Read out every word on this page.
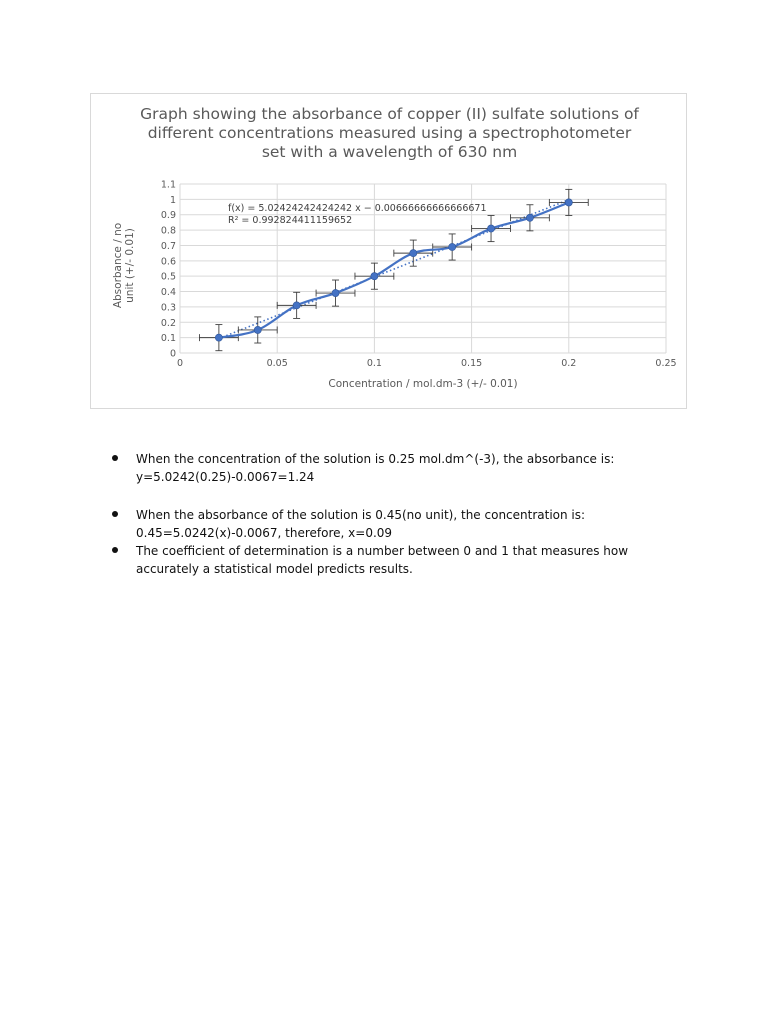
Graph showing the absorbance of copper (II) sulfate solutions of
different concentrations measured using a spectrophotometer
set with a wavelength of 630 nm
0
0.1
0.2
0.3
0.4
0.5
0.6
0.7
0.8
0.9
1
1.1
0	0.05	0.1	0.15	0.2	0.25
Concentration / mol.dm-3 (+/- 0.01)
Absorbance / nounit (+/- 0.01)
f(x) = 5.02424242424242 x − 0.00666666666666671
R² = 0.992824411159652
When the concentration of the solution is 0.25 mol.dm^(-3), the absorbance is: y=5.0242(0.25)-0.0067=1.24
When the absorbance of the solution is 0.45(no unit), the concentration is: 0.45=5.0242(x)-0.0067, therefore, x=0.09
The coefficient of determination is a number between 0 and 1 that measures how accurately a statistical model predicts results.
